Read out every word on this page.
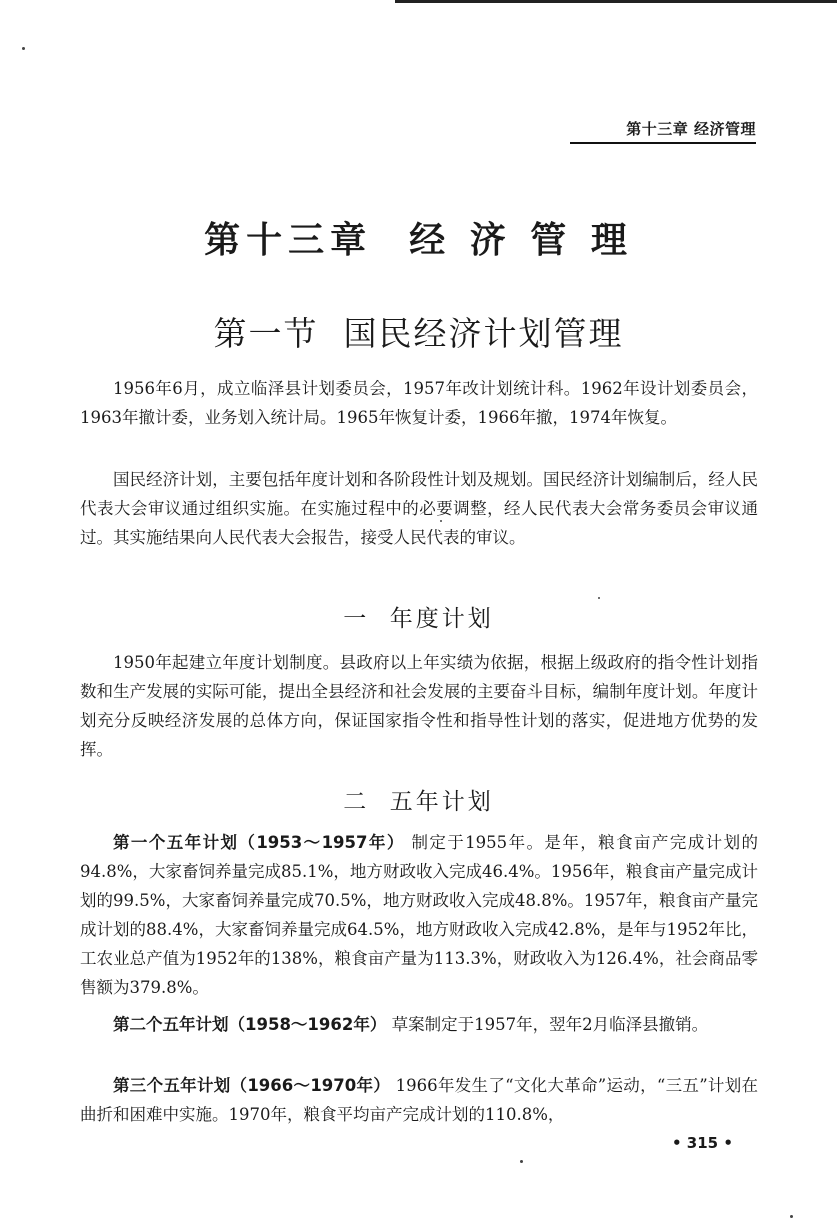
第十三章 经济管理
第十三章  经 济 管 理
第一节  国民经济计划管理

1956年6月，成立临泽县计划委员会，1957年改计划统计科。1962年设计划委员会，1963年撤计委，业务划入统计局。1965年恢复计委，1966年撤，1974年恢复。

国民经济计划，主要包括年度计划和各阶段性计划及规划。国民经济计划编制后，经人民代表大会审议通过组织实施。在实施过程中的必要调整，经人民代表大会常务委员会审议通过。其实施结果向人民代表大会报告，接受人民代表的审议。

一  年度计划

1950年起建立年度计划制度。县政府以上年实绩为依据，根据上级政府的指令性计划指数和生产发展的实际可能，提出全县经济和社会发展的主要奋斗目标，编制年度计划。年度计划充分反映经济发展的总体方向，保证国家指令性和指导性计划的落实，促进地方优势的发挥。

二  五年计划

第一个五年计划（1953～1957年） 制定于1955年。是年，粮食亩产完成计划的94.8%，大家畜饲养量完成85.1%，地方财政收入完成46.4%。1956年，粮食亩产量完成计划的99.5%，大家畜饲养量完成70.5%，地方财政收入完成48.8%。1957年，粮食亩产量完成计划的88.4%，大家畜饲养量完成64.5%，地方财政收入完成42.8%，是年与1952年比，工农业总产值为1952年的138%，粮食亩产量为113.3%，财政收入为126.4%，社会商品零售额为379.8%。

第二个五年计划（1958～1962年） 草案制定于1957年，翌年2月临泽县撤销。

第三个五年计划（1966～1970年） 1966年发生了“文化大革命”运动，“三五”计划在曲折和困难中实施。1970年，粮食平均亩产完成计划的110.8%，

• 315 •
